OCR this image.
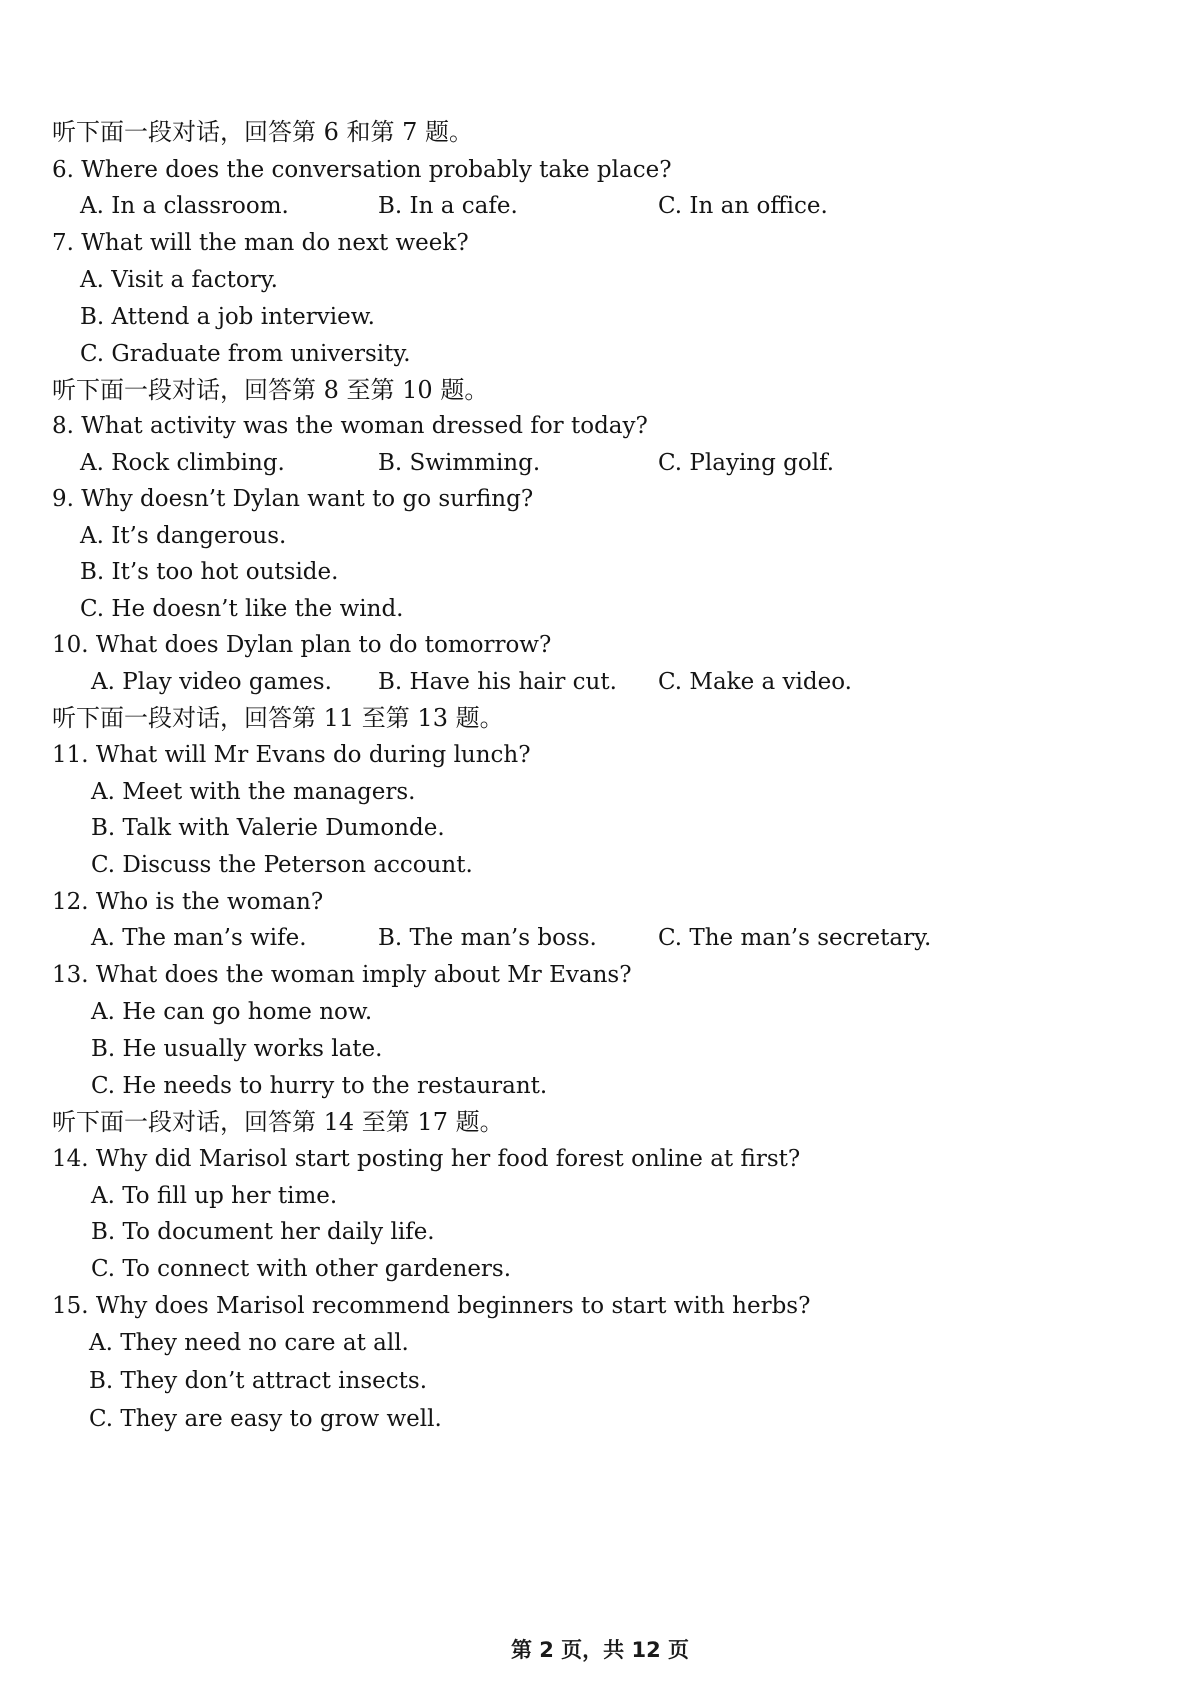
听下面一段对话，回答第 6 和第 7 题。
6. Where does the conversation probably take place?
A. In a classroom.	B. In a cafe.	C. In an office.
7. What will the man do next week?
A. Visit a factory.
B. Attend a job interview.
C. Graduate from university.
听下面一段对话，回答第 8 至第 10 题。
8. What activity was the woman dressed for today?
A. Rock climbing.	B. Swimming.	C. Playing golf.
9. Why doesn’t Dylan want to go surfing?
A. It’s dangerous.
B. It’s too hot outside.
C. He doesn’t like the wind.
10. What does Dylan plan to do tomorrow?
A. Play video games. B. Have his hair cut. C. Make a video.
听下面一段对话，回答第 11 至第 13 题。
11. What will Mr Evans do during lunch?
A. Meet with the managers.
B. Talk with Valerie Dumonde.
C. Discuss the Peterson account.
12. Who is the woman?
A. The man’s wife.	B. The man’s boss.	C. The man’s secretary.
13. What does the woman imply about Mr Evans?
A. He can go home now.
B. He usually works late.
C. He needs to hurry to the restaurant.
听下面一段对话，回答第 14 至第 17 题。
14. Why did Marisol start posting her food forest online at first?
A. To fill up her time.
B. To document her daily life.
C. To connect with other gardeners.
15. Why does Marisol recommend beginners to start with herbs?
A. They need no care at all.
B. They don’t attract insects.
C. They are easy to grow well.
第 2 页，共 12 页
